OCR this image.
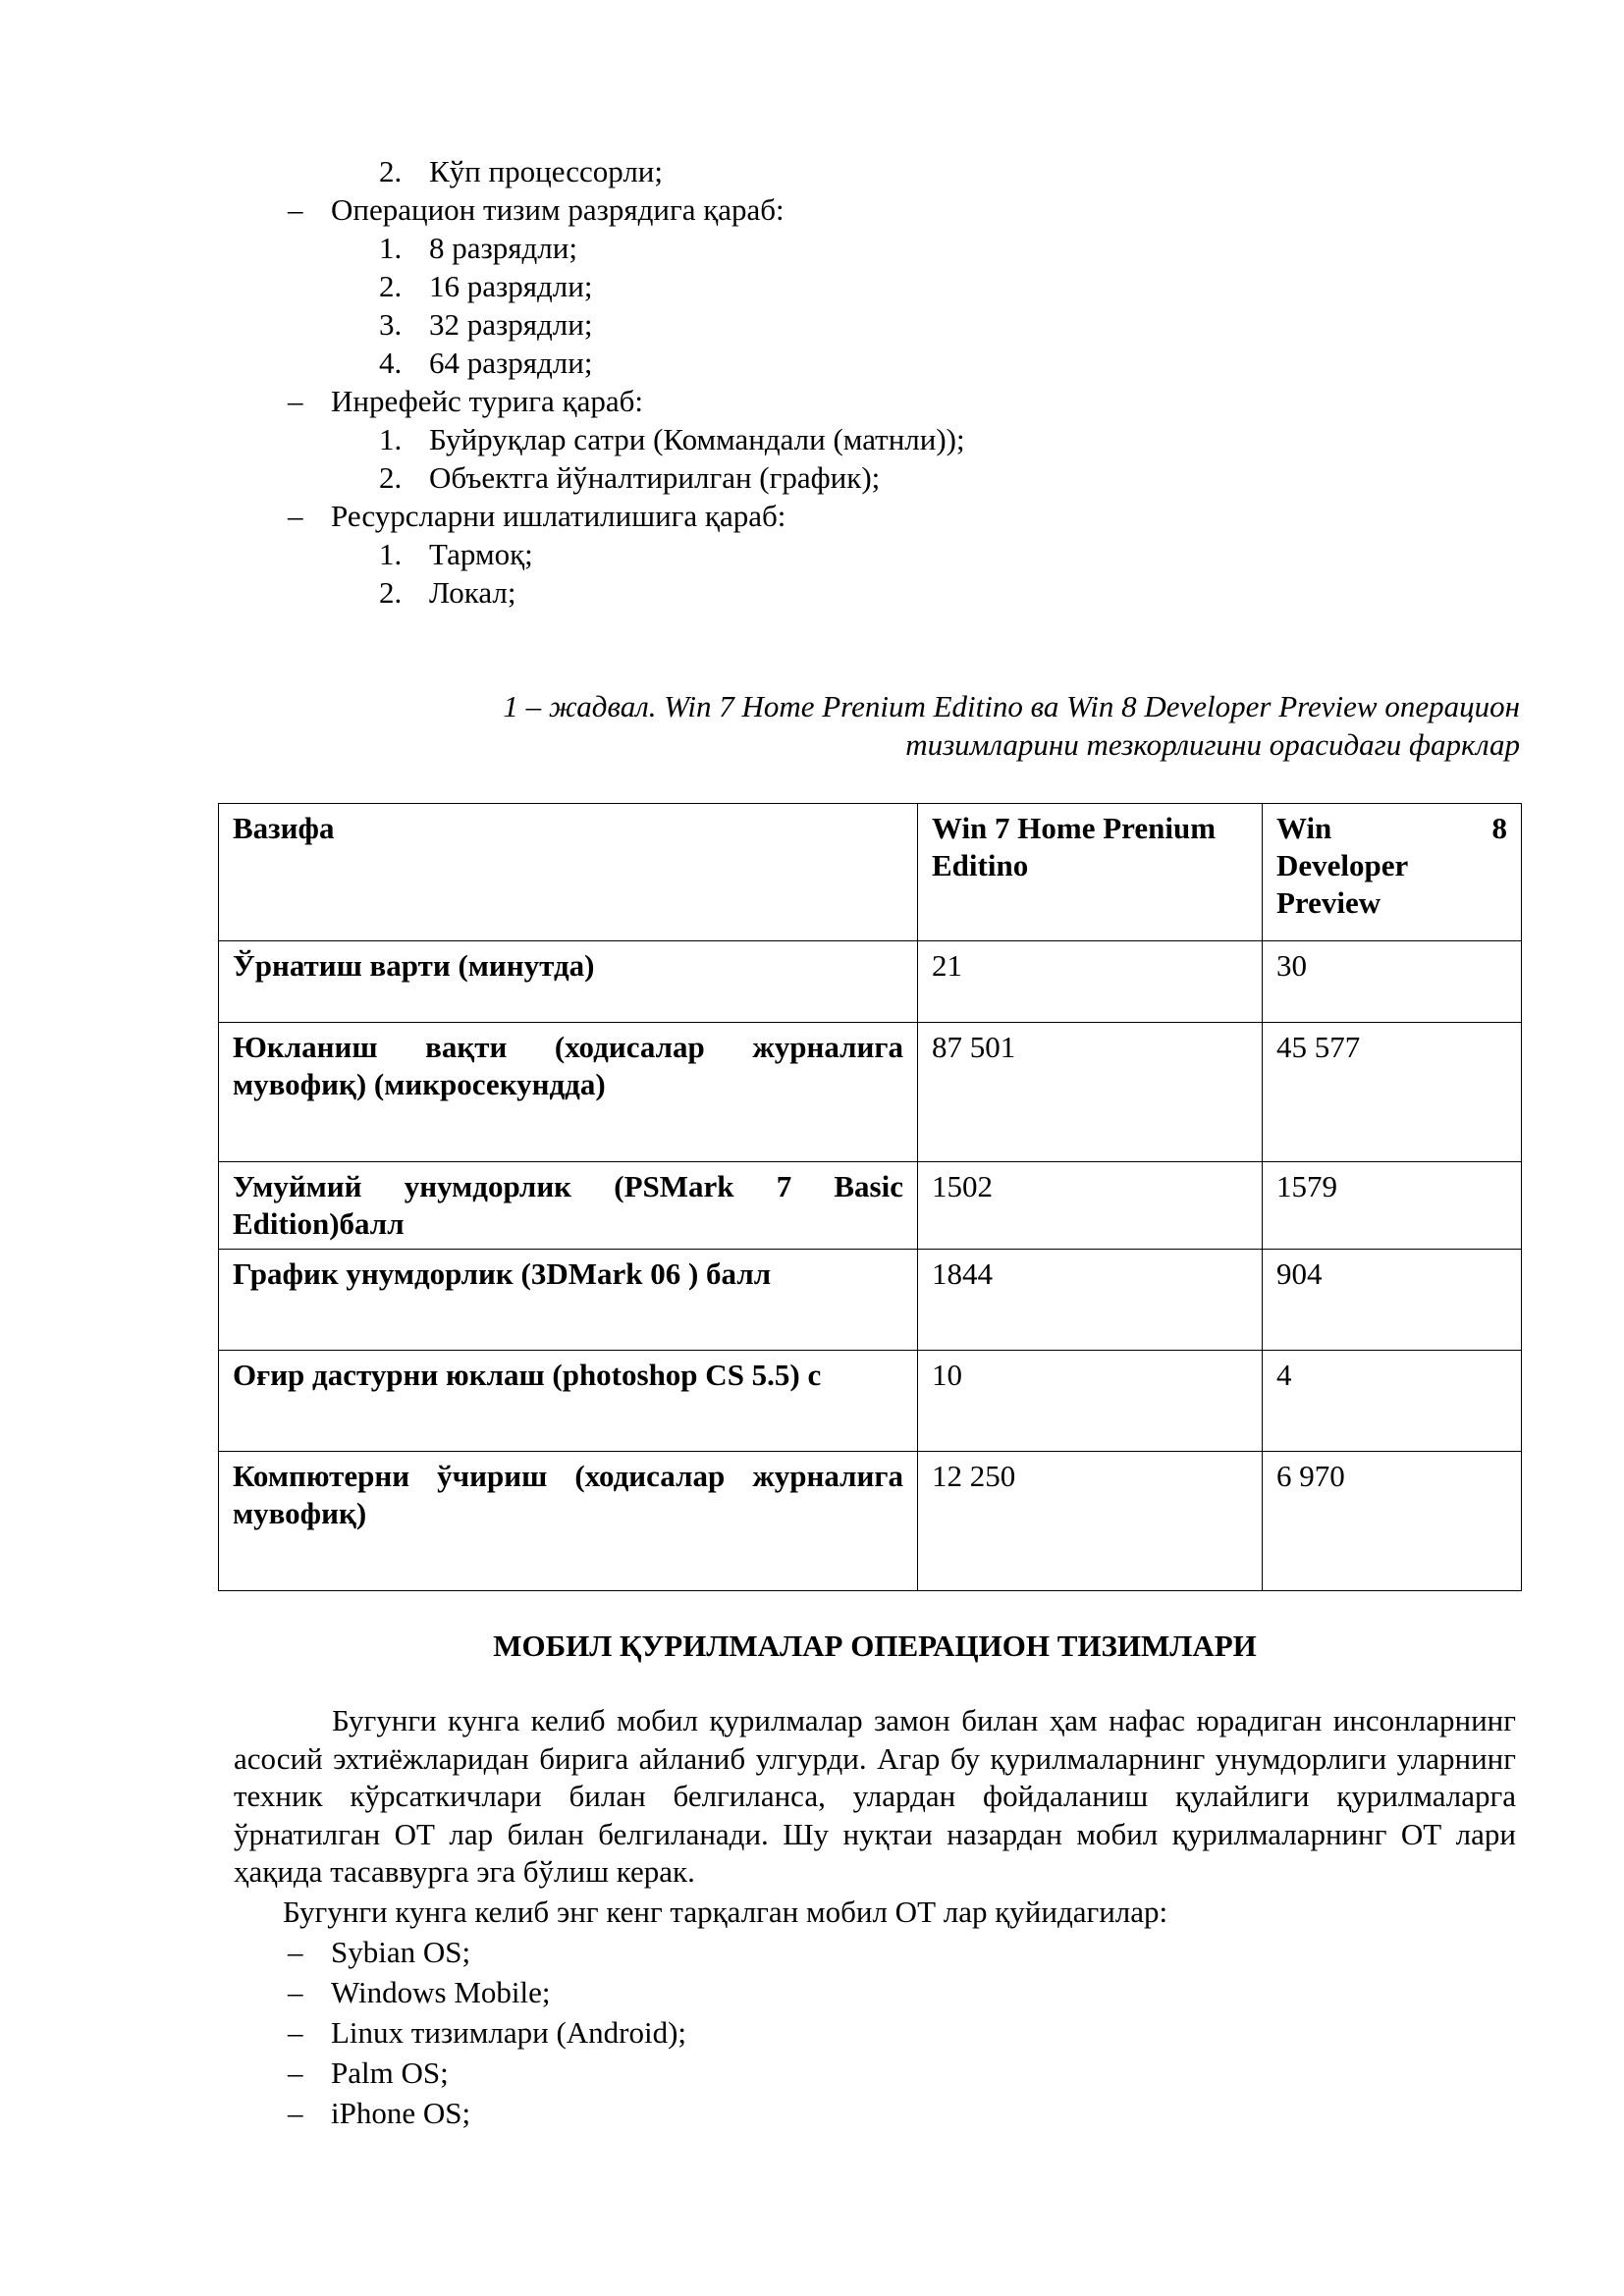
2. Кўп процессорли;
– Операцион тизим разрядига қараб:
1. 8 разрядли;
2. 16 разрядли;
3. 32 разрядли;
4. 64 разрядли;
– Инрефейс турига қараб:
1. Буйруқлар сатри (Коммандали (матнли));
2. Объектга йўналтирилган (график);
– Ресурсларни ишлатилишига қараб:
1. Тармоқ;
2. Локал;
1 – жадвал. Win 7 Home Prenium Editino ва Win 8 Developer Preview операцион
тизимларини тезкорлигини орасидаги фарклар
Вазифа	Win 7 Home Prenium Editino	Win 8
Developer Preview

Ўрнатиш варти (минутда)	21	30
Юкланиш вақти (ходисалар журналига мувофиқ) (микросекундда)	87 501	45 577
Умуймий унумдорлик (PSMark 7 Basic Edition)балл	1502	1579
График унумдорлик (3DMark 06 ) балл	1844	904
Оғир дастурни юклаш (photoshop CS 5.5) с	10	4
Компютерни ўчириш (ходисалар журналига мувофиқ)	12 250	6 970
МОБИЛ ҚУРИЛМАЛАР ОПЕРАЦИОН ТИЗИМЛАРИ
Бугунги кунга келиб мобил қурилмалар замон билан ҳам нафас юрадиган инсонларнинг асосий эхтиёжларидан бирига айланиб улгурди. Агар бу қурилмаларнинг унумдорлиги уларнинг техник кўрсаткичлари билан белгиланса, улардан фойдаланиш қулайлиги қурилмаларга ўрнатилган ОТ лар билан белгиланади. Шу нуқтаи назардан мобил қурилмаларнинг ОТ лари ҳақида тасаввурга эга бўлиш керак.
Бугунги кунга келиб энг кенг тарқалган мобил ОТ лар қуйидагилар:
– Sybian OS;
– Windows Mobile;
– Linux тизимлари (Android);
– Palm OS;
– iPhone OS;
